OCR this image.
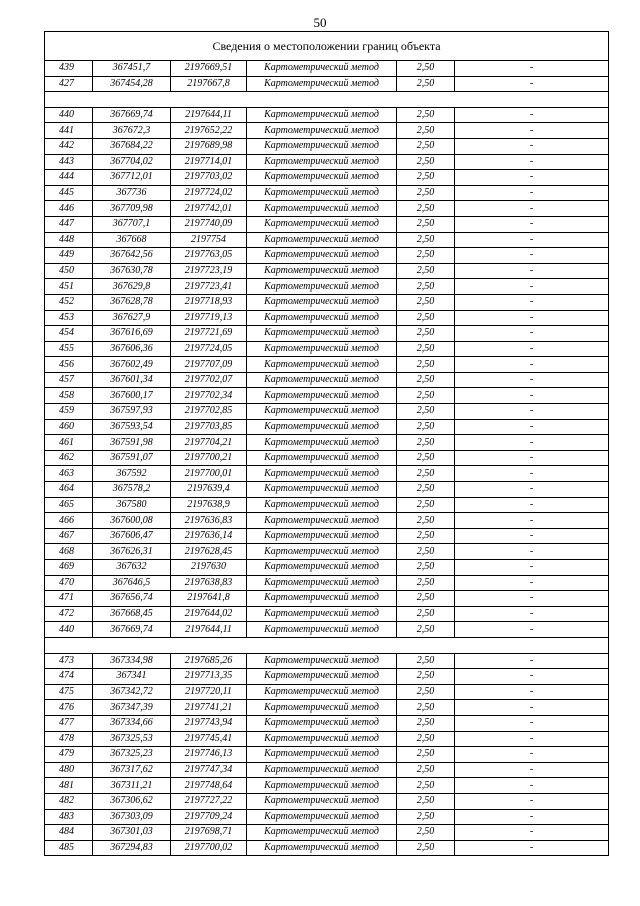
50
Сведения о местоположении границ объекта					
439	367451,7	2197669,51	Картометрический метод	2,50	-
427	367454,28	2197667,8	Картометрический метод	2,50	-

440	367669,74	2197644,11	Картометрический метод	2,50	-
441	367672,3	2197652,22	Картометрический метод	2,50	-
442	367684,22	2197689,98	Картометрический метод	2,50	-
443	367704,02	2197714,01	Картометрический метод	2,50	-
444	367712,01	2197703,02	Картометрический метод	2,50	-
445	367736	2197724,02	Картометрический метод	2,50	-
446	367709,98	2197742,01	Картометрический метод	2,50	-
447	367707,1	2197740,09	Картометрический метод	2,50	-
448	367668	2197754	Картометрический метод	2,50	-
449	367642,56	2197763,05	Картометрический метод	2,50	-
450	367630,78	2197723,19	Картометрический метод	2,50	-
451	367629,8	2197723,41	Картометрический метод	2,50	-
452	367628,78	2197718,93	Картометрический метод	2,50	-
453	367627,9	2197719,13	Картометрический метод	2,50	-
454	367616,69	2197721,69	Картометрический метод	2,50	-
455	367606,36	2197724,05	Картометрический метод	2,50	-
456	367602,49	2197707,09	Картометрический метод	2,50	-
457	367601,34	2197702,07	Картометрический метод	2,50	-
458	367600,17	2197702,34	Картометрический метод	2,50	-
459	367597,93	2197702,85	Картометрический метод	2,50	-
460	367593,54	2197703,85	Картометрический метод	2,50	-
461	367591,98	2197704,21	Картометрический метод	2,50	-
462	367591,07	2197700,21	Картометрический метод	2,50	-
463	367592	2197700,01	Картометрический метод	2,50	-
464	367578,2	2197639,4	Картометрический метод	2,50	-
465	367580	2197638,9	Картометрический метод	2,50	-
466	367600,08	2197636,83	Картометрический метод	2,50	-
467	367606,47	2197636,14	Картометрический метод	2,50	-
468	367626,31	2197628,45	Картометрический метод	2,50	-
469	367632	2197630	Картометрический метод	2,50	-
470	367646,5	2197638,83	Картометрический метод	2,50	-
471	367656,74	2197641,8	Картометрический метод	2,50	-
472	367668,45	2197644,02	Картометрический метод	2,50	-
440	367669,74	2197644,11	Картометрический метод	2,50	-

473	367334,98	2197685,26	Картометрический метод	2,50	-
474	367341	2197713,35	Картометрический метод	2,50	-
475	367342,72	2197720,11	Картометрический метод	2,50	-
476	367347,39	2197741,21	Картометрический метод	2,50	-
477	367334,66	2197743,94	Картометрический метод	2,50	-
478	367325,53	2197745,41	Картометрический метод	2,50	-
479	367325,23	2197746,13	Картометрический метод	2,50	-
480	367317,62	2197747,34	Картометрический метод	2,50	-
481	367311,21	2197748,64	Картометрический метод	2,50	-
482	367306,62	2197727,22	Картометрический метод	2,50	-
483	367303,09	2197709,24	Картометрический метод	2,50	-
484	367301,03	2197698,71	Картометрический метод	2,50	-
485	367294,83	2197700,02	Картометрический метод	2,50	-
